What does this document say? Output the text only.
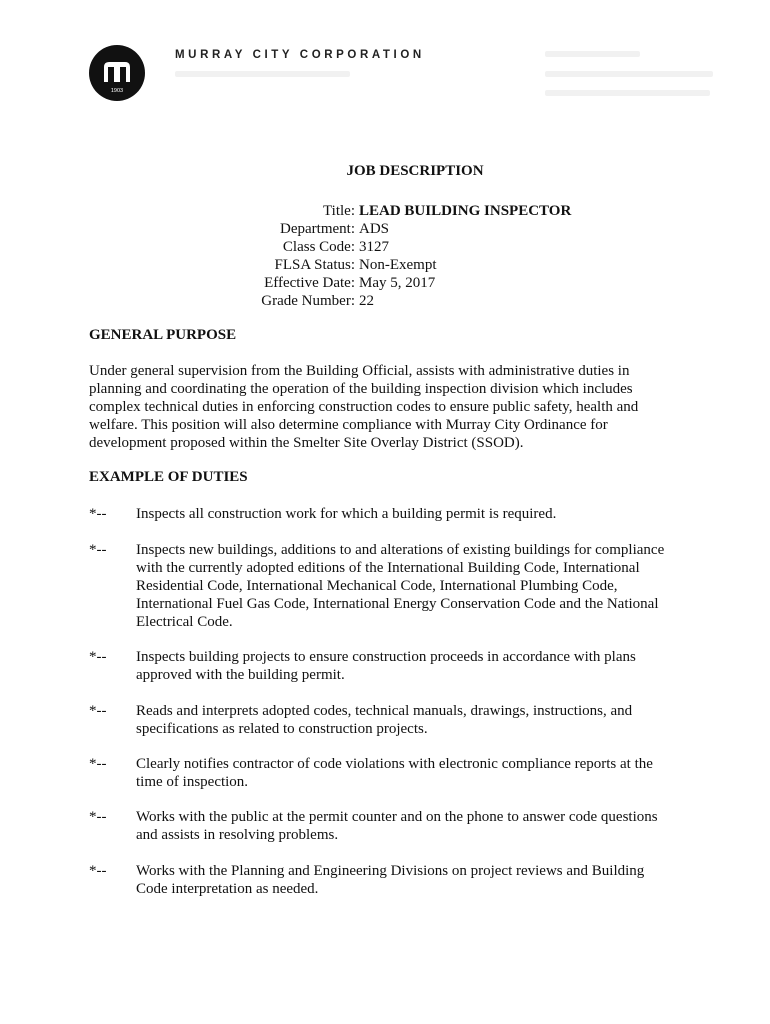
1903
MURRAY CITY CORPORATION
JOB DESCRIPTION
Title: LEAD BUILDING INSPECTOR
Department: ADS
Class Code: 3127
FLSA Status: Non-Exempt
Effective Date: May 5, 2017
Grade Number: 22
GENERAL PURPOSE
Under general supervision from the Building Official, assists with administrative duties in planning and coordinating the operation of the building inspection division which includes complex technical duties in enforcing construction codes to ensure public safety, health and welfare. This position will also determine compliance with Murray City Ordinance for development proposed within the Smelter Site Overlay District (SSOD).
EXAMPLE OF DUTIES
*--	Inspects all construction work for which a building permit is required.
*--	Inspects new buildings, additions to and alterations of existing buildings for compliance with the currently adopted editions of the International Building Code, International Residential Code, International Mechanical Code, International Plumbing Code, International Fuel Gas Code, International Energy Conservation Code and the National Electrical Code.
*--	Inspects building projects to ensure construction proceeds in accordance with plans approved with the building permit.
*--	Reads and interprets adopted codes, technical manuals, drawings, instructions, and specifications as related to construction projects.
*--	Clearly notifies contractor of code violations with electronic compliance reports at the time of inspection.
*--	Works with the public at the permit counter and on the phone to answer code questions and assists in resolving problems.
*--	Works with the Planning and Engineering Divisions on project reviews and Building Code interpretation as needed.
